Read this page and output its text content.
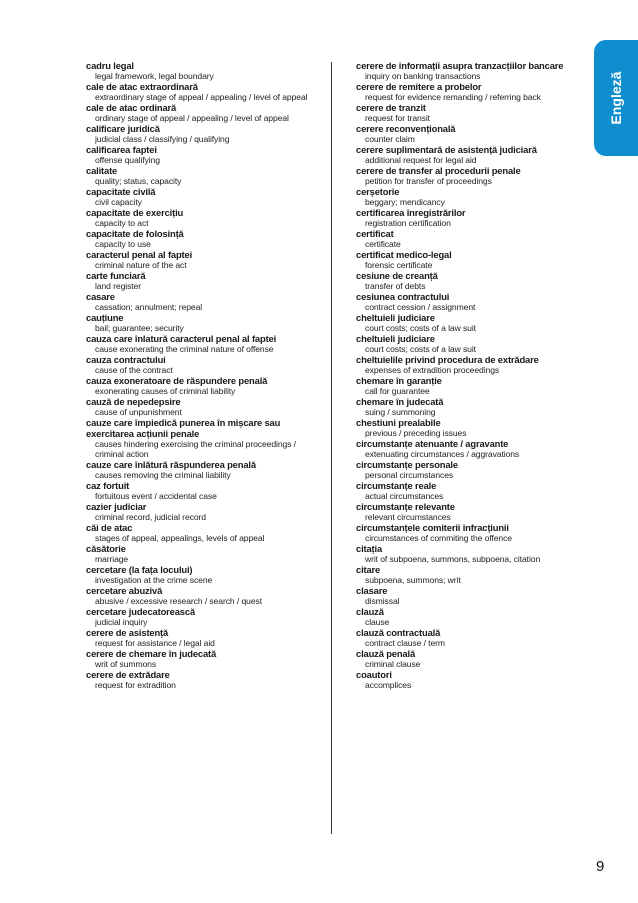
Engleză
cadru legal
legal framework, legal boundary
cale de atac extraordinară
extraordinary stage of appeal / appealing / level of appeal
cale de atac ordinară
ordinary stage of appeal / appealing / level of appeal
calificare juridică
judicial class / classifying / qualifying
calificarea faptei
offense qualifying
calitate
quality; status, capacity
capacitate civilă
civil capacity
capacitate de exercițiu
capacity to act
capacitate de folosință
capacity to use
caracterul penal al faptei
criminal nature of the act
carte funciară
land register
casare
cassation; annulment; repeal
cauțiune
bail; guarantee; security
cauza care înlatură caracterul penal al faptei
cause exonerating the criminal nature of offense
cauza contractului
cause of the contract
cauza exoneratoare de răspundere penală
exonerating causes of criminal liability
cauză de nepedepsire
cause of unpunishment
cauze care împiedică punerea în mișcare sau exercitarea acțiunii penale
causes hindering exercising the criminal proceedings / criminal action
cauze care înlătură răspunderea penală
causes removing the criminal liability
caz fortuit
fortuitous event / accidental case
cazier judiciar
criminal record, judicial record
căi de atac
stages of appeal, appealings, levels of appeal
căsătorie
marriage
cercetare (la fața locului)
investigation at the crime scene
cercetare abuzivă
abusive / excessive research / search / quest
cercetare judecatorească
judicial inquiry
cerere de asistență
request for assistance / legal aid
cerere de chemare în judecată
writ of summons
cerere de extrădare
request for extradition
cerere de informații asupra tranzacțiilor bancare
inquiry on banking transactions
cerere de remitere a probelor
request for evidence remanding / referring back
cerere de tranzit
request for transit
cerere reconvențională
counter claim
cerere suplimentară de asistență judiciară
additional request for legal aid
cerere de transfer al procedurii penale
petition for transfer of proceedings
cerșetorie
beggary; mendicancy
certificarea înregistrărilor
registration certification
certificat
certificate
certificat medico-legal
forensic certificate
cesiune de creanță
transfer of debts
cesiunea contractului
contract cession / assignment
cheltuieli judiciare
court costs; costs of a law suit
cheltuieli judiciare
court costs; costs of a law suit
cheltuielile privind procedura de extrădare
expenses of extradition proceedings
chemare în garanție
call for guarantee
chemare în judecată
suing / summoning
chestiuni prealabile
previous / preceding issues
circumstanțe atenuante / agravante
extenuating circumstances / aggravations
circumstanțe personale
personal circumstances
circumstanțe reale
actual circumstances
circumstanțe relevante
relevant circumstances
circumstanțele comiterii infracțiunii
circumstances of commiting the offence
citația
writ of subpoena, summons, subpoena, citation
citare
subpoena, summons; writ
clasare
dismissal
clauză
clause
clauză contractuală
contract clause / term
clauză penală
criminal clause
coautori
accomplices
9
